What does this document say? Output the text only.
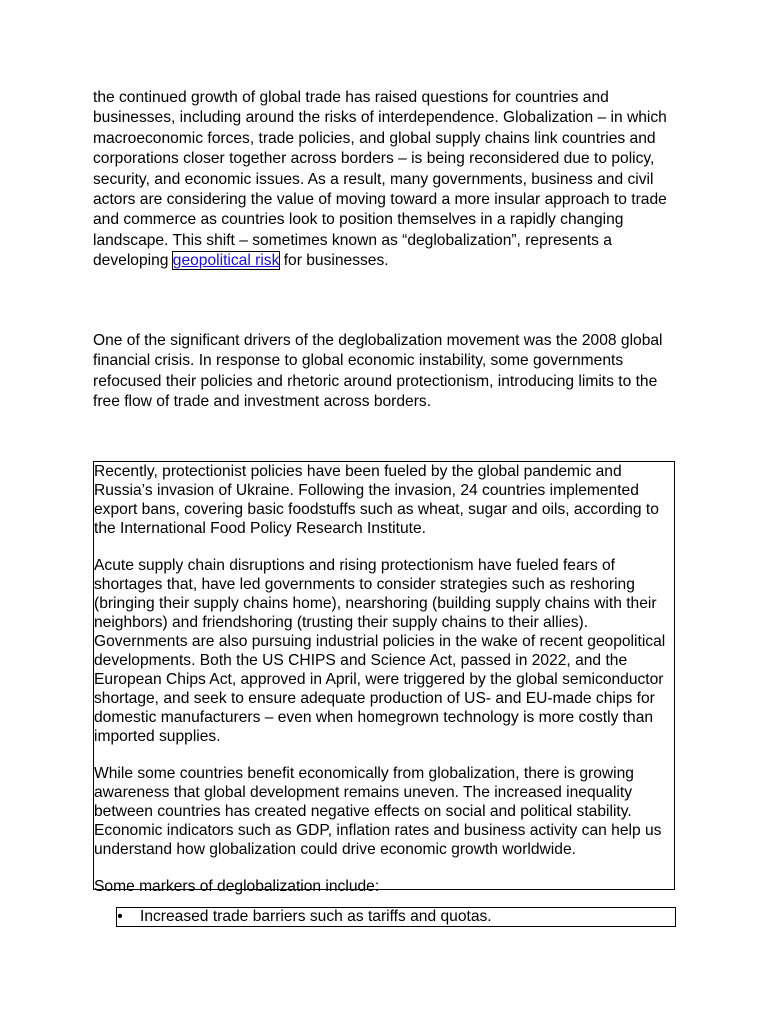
the continued growth of global trade has raised questions for countries and businesses, including around the risks of interdependence. Globalization – in which macroeconomic forces, trade policies, and global supply chains link countries and corporations closer together across borders – is being reconsidered due to policy, security, and economic issues. As a result, many governments, business and civil actors are considering the value of moving toward a more insular approach to trade and commerce as countries look to position themselves in a rapidly changing landscape. This shift – sometimes known as “deglobalization”, represents a developing geopolitical risk for businesses.

One of the significant drivers of the deglobalization movement was the 2008 global financial crisis. In response to global economic instability, some governments refocused their policies and rhetoric around protectionism, introducing limits to the free flow of trade and investment across borders.

Recently, protectionist policies have been fueled by the global pandemic and Russia’s invasion of Ukraine. Following the invasion, 24 countries implemented export bans, covering basic foodstuffs such as wheat, sugar and oils, according to the International Food Policy Research Institute.

Acute supply chain disruptions and rising protectionism have fueled fears of shortages that, have led governments to consider strategies such as reshoring (bringing their supply chains home), nearshoring (building supply chains with their neighbors) and friendshoring (trusting their supply chains to their allies). Governments are also pursuing industrial policies in the wake of recent geopolitical developments. Both the US CHIPS and Science Act, passed in 2022, and the European Chips Act, approved in April, were triggered by the global semiconductor shortage, and seek to ensure adequate production of US- and EU-made chips for domestic manufacturers – even when homegrown technology is more costly than imported supplies.

While some countries benefit economically from globalization, there is growing awareness that global development remains uneven. The increased inequality between countries has created negative effects on social and political stability. Economic indicators such as GDP, inflation rates and business activity can help us understand how globalization could drive economic growth worldwide.

Some markers of deglobalization include:

• Increased trade barriers such as tariffs and quotas.
